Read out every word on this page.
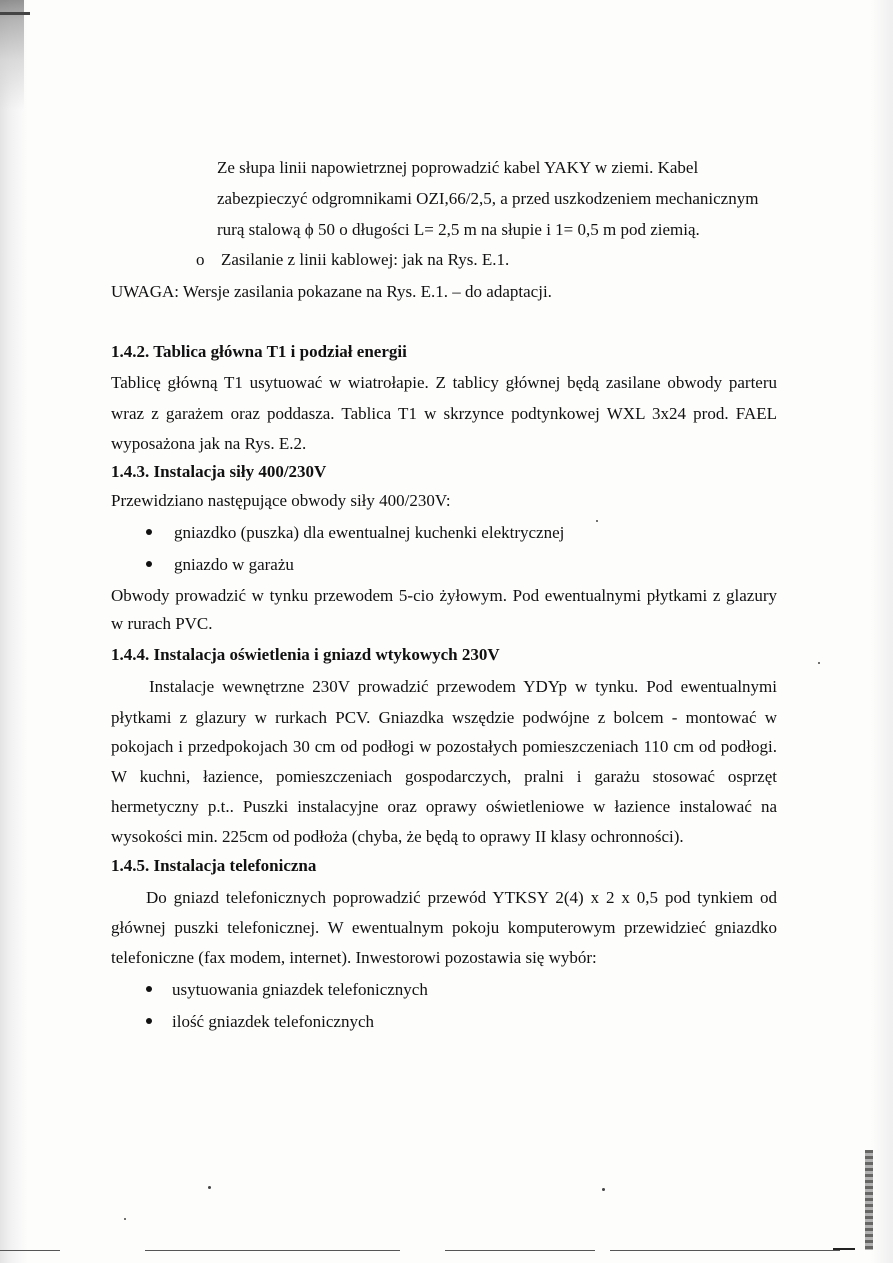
Ze słupa linii napowietrznej poprowadzić kabel YAKY w ziemi. Kabel
zabezpieczyć odgromnikami OZI,66/2,5, a przed uszkodzeniem mechanicznym
rurą stalową ϕ 50 o długości L= 2,5 m na słupie i 1= 0,5 m pod ziemią.
o Zasilanie z linii kablowej: jak na Rys. E.1.
UWAGA: Wersje zasilania pokazane na Rys. E.1. – do adaptacji.
1.4.2. Tablica główna T1 i podział energii
Tablicę główną T1 usytuować w wiatrołapie. Z tablicy głównej będą zasilane obwody parteru
wraz z garażem oraz poddasza. Tablica T1 w skrzynce podtynkowej WXL 3x24 prod. FAEL
wyposażona jak na Rys. E.2.
1.4.3. Instalacja siły 400/230V
Przewidziano następujące obwody siły 400/230V:
gniazdko (puszka) dla ewentualnej kuchenki elektrycznej
gniazdo w garażu
Obwody prowadzić w tynku przewodem 5-cio żyłowym. Pod ewentualnymi płytkami z glazury
w rurach PVC.
1.4.4. Instalacja oświetlenia i gniazd wtykowych 230V
Instalacje wewnętrzne 230V prowadzić przewodem YDYp w tynku. Pod ewentualnymi
płytkami z glazury w rurkach PCV. Gniazdka wszędzie podwójne z bolcem - montować w
pokojach i przedpokojach 30 cm od podłogi w pozostałych pomieszczeniach 110 cm od podłogi.
W kuchni, łazience, pomieszczeniach gospodarczych, pralni i garażu stosować osprzęt
hermetyczny p.t.. Puszki instalacyjne oraz oprawy oświetleniowe w łazience instalować na
wysokości min. 225cm od podłoża (chyba, że będą to oprawy II klasy ochronności).
1.4.5. Instalacja telefoniczna
Do gniazd telefonicznych poprowadzić przewód YTKSY 2(4) x 2 x 0,5 pod tynkiem od
głównej puszki telefonicznej. W ewentualnym pokoju komputerowym przewidzieć gniazdko
telefoniczne (fax modem, internet). Inwestorowi pozostawia się wybór:
usytuowania gniazdek telefonicznych
ilość gniazdek telefonicznych
